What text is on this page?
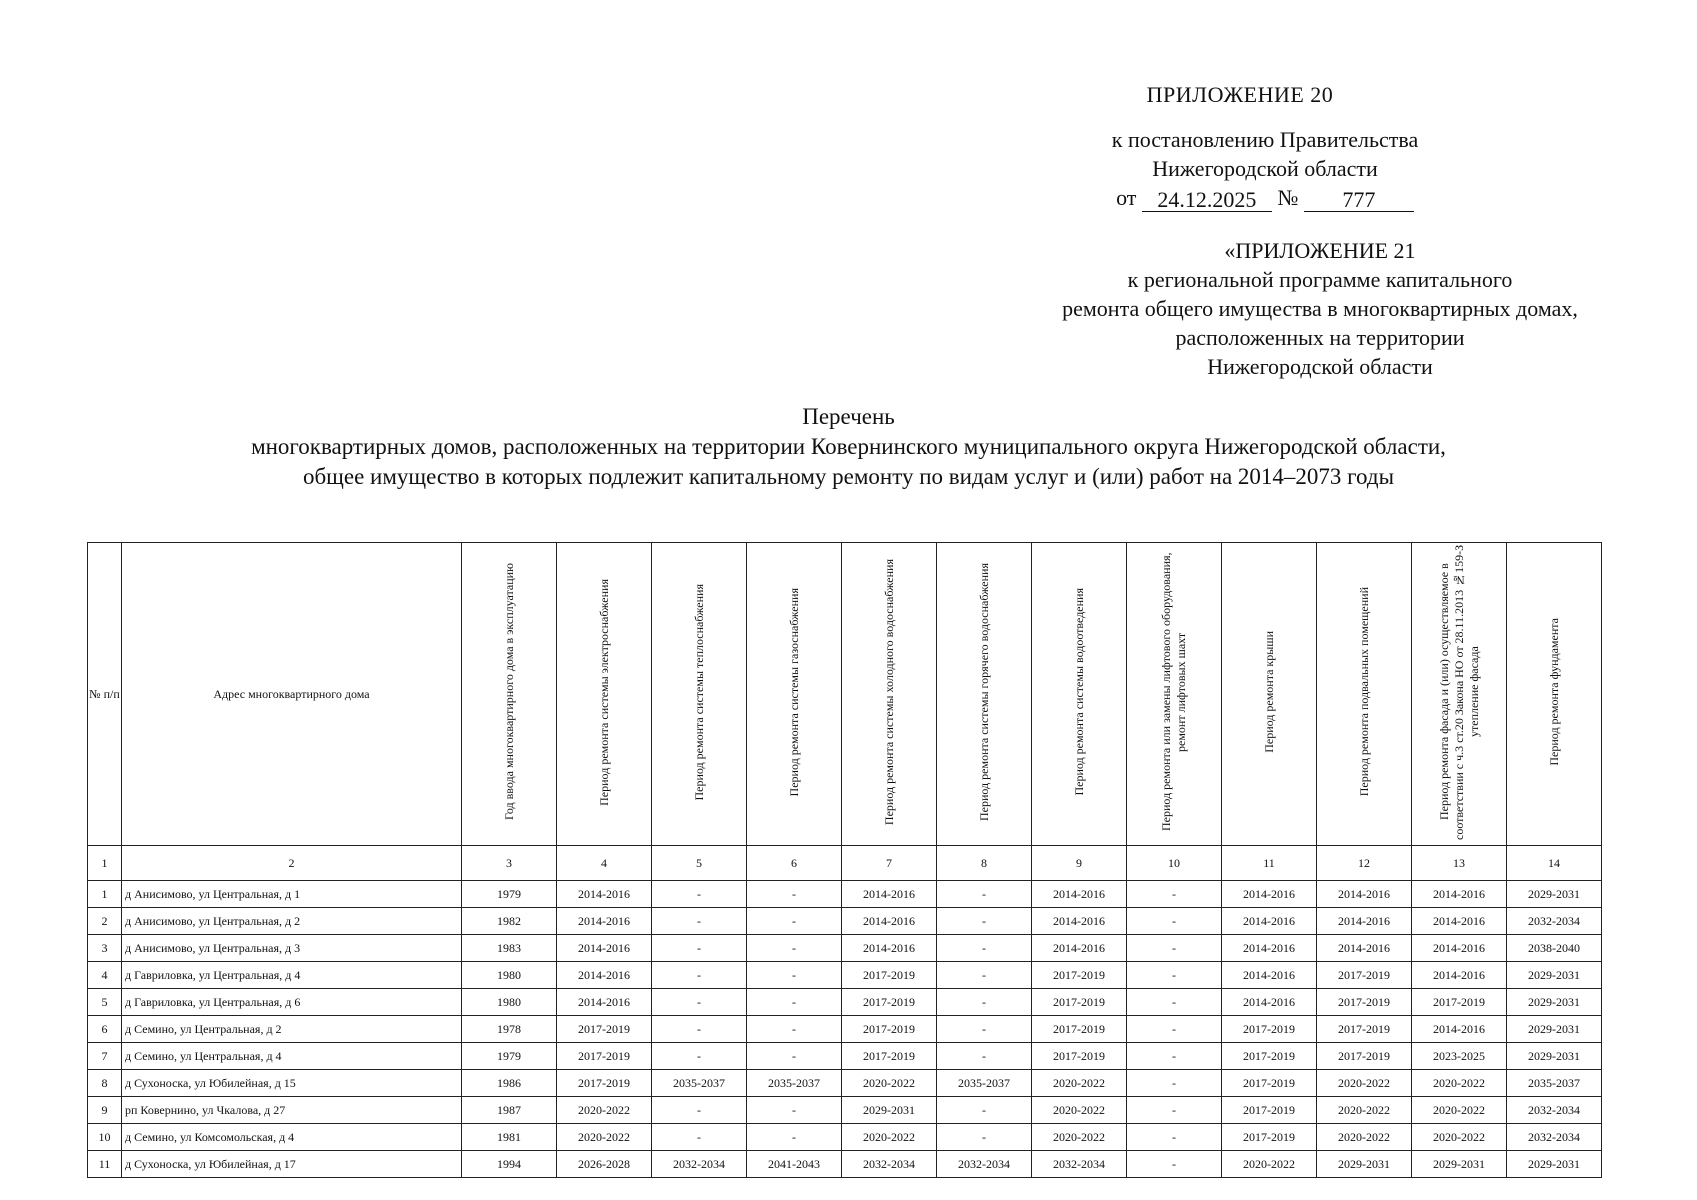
ПРИЛОЖЕНИЕ 20
к постановлению Правительства
Нижегородской области
от 24.12.2025 № 777
«ПРИЛОЖЕНИЕ 21
к региональной программе капитального
ремонта общего имущества в многоквартирных домах,
расположенных на территории
Нижегородской области
Перечень
многоквартирных домов, расположенных на территории Ковернинского муниципального округа Нижегородской области,
общее имущество в которых подлежит капитальному ремонту по видам услуг и (или) работ на 2014–2073 годы
№ п/п	Адрес многоквартирного дома	Год ввода многоквартирного дома в эксплуатацию	Период ремонта системы электроснабжения	Период ремонта системы теплоснабжения	Период ремонта системы газоснабжения	Период ремонта системы холодного водоснабжения	Период ремонта системы горячего водоснабжения	Период ремонта системы водоотведения	Период ремонта или замены лифтового оборудования, ремонт лифтовых шахт	Период ремонта крыши	Период ремонта подвальных помещений	Период ремонта фасада и (или) осуществляемое в соответствии с ч.3 ст.20 Закона НО от 28.11.2013 №159-З утепление фасада	Период ремонта фундамента
1	2	3	4	5	6	7	8	9	10	11	12	13	14
1	д Анисимово, ул Центральная, д 1	1979	2014-2016	-	-	2014-2016	-	2014-2016	-	2014-2016	2014-2016	2014-2016	2029-2031
2	д Анисимово, ул Центральная, д 2	1982	2014-2016	-	-	2014-2016	-	2014-2016	-	2014-2016	2014-2016	2014-2016	2032-2034
3	д Анисимово, ул Центральная, д 3	1983	2014-2016	-	-	2014-2016	-	2014-2016	-	2014-2016	2014-2016	2014-2016	2038-2040
4	д Гавриловка, ул Центральная, д 4	1980	2014-2016	-	-	2017-2019	-	2017-2019	-	2014-2016	2017-2019	2014-2016	2029-2031
5	д Гавриловка, ул Центральная, д 6	1980	2014-2016	-	-	2017-2019	-	2017-2019	-	2014-2016	2017-2019	2017-2019	2029-2031
6	д Семино, ул Центральная, д 2	1978	2017-2019	-	-	2017-2019	-	2017-2019	-	2017-2019	2017-2019	2014-2016	2029-2031
7	д Семино, ул Центральная, д 4	1979	2017-2019	-	-	2017-2019	-	2017-2019	-	2017-2019	2017-2019	2023-2025	2029-2031
8	д Сухоноска, ул Юбилейная, д 15	1986	2017-2019	2035-2037	2035-2037	2020-2022	2035-2037	2020-2022	-	2017-2019	2020-2022	2020-2022	2035-2037
9	рп Ковернино, ул Чкалова, д 27	1987	2020-2022	-	-	2029-2031	-	2020-2022	-	2017-2019	2020-2022	2020-2022	2032-2034
10	д Семино, ул Комсомольская, д 4	1981	2020-2022	-	-	2020-2022	-	2020-2022	-	2017-2019	2020-2022	2020-2022	2032-2034
11	д Сухоноска, ул Юбилейная, д 17	1994	2026-2028	2032-2034	2041-2043	2032-2034	2032-2034	2032-2034	-	2020-2022	2029-2031	2029-2031	2029-2031
